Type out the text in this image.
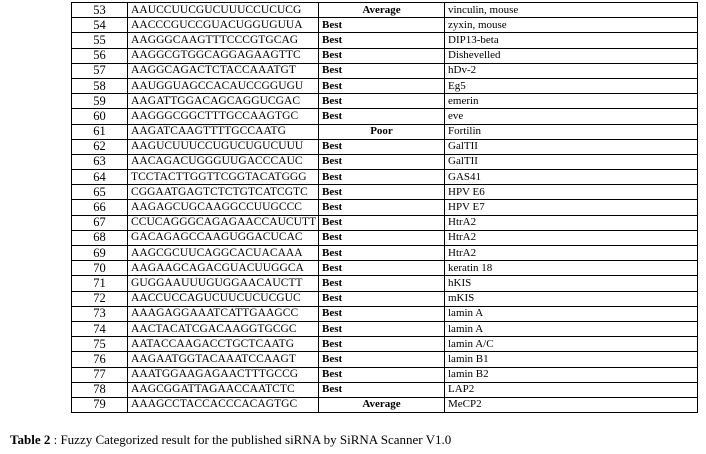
53	AAUCCUUCGUCUUUCCUCUCG	Average	vinculin, mouse
54	AACCCGUCCGUACUGGUGUUA	Best	zyxin, mouse
55	AAGGGCAAGTTTCCCGTGCAG	Best	DIP13-beta
56	AAGGCGTGGCAGGAGAAGTTC	Best	Dishevelled
57	AAGGCAGACTCTACCAAATGT	Best	hDv-2
58	AAUGGUAGCCACAUCCGGUGU	Best	Eg5
59	AAGATTGGACAGCAGGUCGAC	Best	emerin
60	AAGGGCGGCTTTGCCAAGTGC	Best	eve
61	AAGATCAAGTTTTGCCAATG	Poor	Fortilin
62	AAGUCUUUCCUGUCUGUCUUU	Best	GalTII
63	AACAGACUGGGUUGACCCAUC	Best	GalTII
64	TCCTACTTGGTTCGGTACATGGG	Best	GAS41
65	CGGAATGAGTCTCTGTCATCGTC	Best	HPV E6
66	AAGAGCUGCAAGGCCUUGCCC	Best	HPV E7
67	CCUCAGGGCAGAGAACCAUCUTT	Best	HtrA2
68	GACAGAGCCAAGUGGACUCAC	Best	HtrA2
69	AAGCGCUUCAGGCACUACAAA	Best	HtrA2
70	AAGAAGCAGACGUACUUGGCA	Best	keratin 18
71	GUGGAAUUUGUGGAACAUCTT	Best	hKIS
72	AACCUCCAGUCUUCUCUCGUC	Best	mKIS
73	AAAGAGGAAATCATTGAAGCC	Best	lamin A
74	AACTACATCGACAAGGTGCGC	Best	lamin A
75	AATACCAAGACCTGCTCAATG	Best	lamin A/C
76	AAGAATGGTACAAATCCAAGT	Best	lamin B1
77	AAATGGAAGAGAACTTTGCCG	Best	lamin B2
78	AAGCGGATTAGAACCAATCTC	Best	LAP2
79	AAAGCCTACCACCCACAGTGC	Average	MeCP2
Table 2 : Fuzzy Categorized result for the published siRNA by SiRNA Scanner V1.0
